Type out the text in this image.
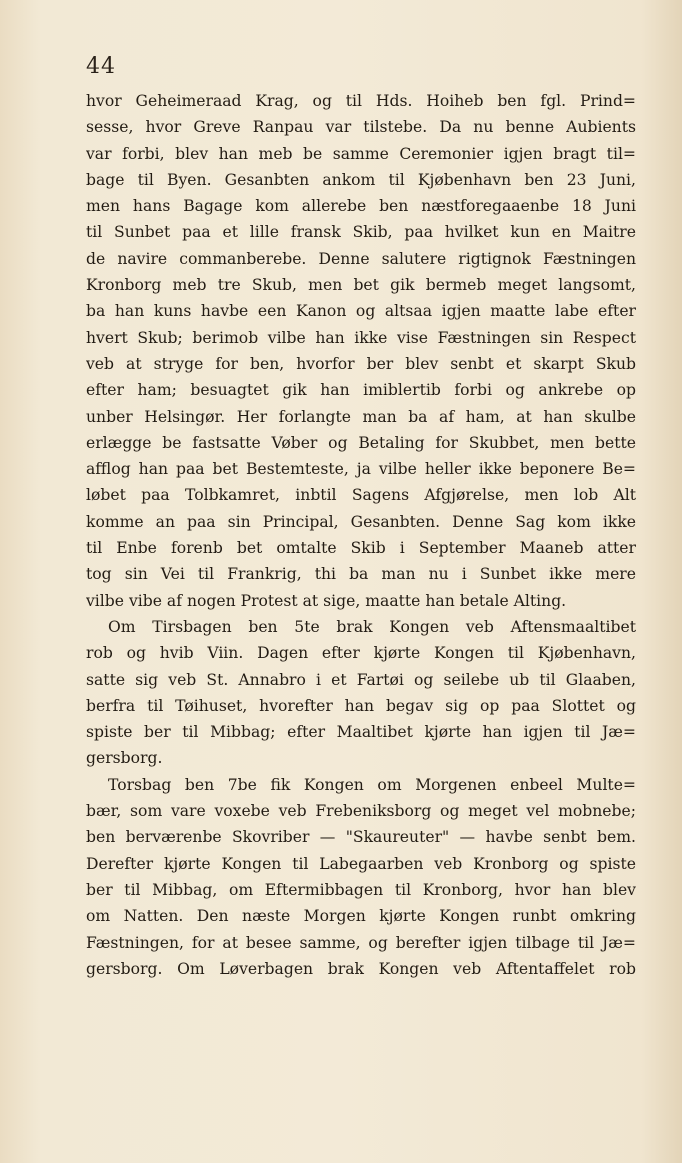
44
hvor Geheimeraad Krag, og til Hds. Hoiheb ben fgl. Prind=
sesse, hvor Greve Ranpau var tilstebe. Da nu benne Aubients
var forbi, blev han meb be samme Ceremonier igjen bragt til=
bage til Byen. Gesanbten ankom til Kjøbenhavn ben 23 Juni,
men hans Bagage kom allerebe ben næstforegaaenbe 18 Juni
til Sunbet paa et lille fransk Skib, paa hvilket kun en Maitre
de navire commanberebe. Denne salutere rigtignok Fæstningen
Kronborg meb tre Skub, men bet gik bermeb meget langsomt,
ba han kuns havbe een Kanon og altsaa igjen maatte labe efter
hvert Skub; berimob vilbe han ikke vise Fæstningen sin Respect
veb at stryge for ben, hvorfor ber blev senbt et skarpt Skub
efter ham; besuagtet gik han imiblertib forbi og ankrebe op
unber Helsingør. Her forlangte man ba af ham, at han skulbe
erlægge be fastsatte Vøber og Betaling for Skubbet, men bette
afflog han paa bet Bestemteste, ja vilbe heller ikke beponere Be=
løbet paa Tolbkamret, inbtil Sagens Afgjørelse, men lob Alt
komme an paa sin Principal, Gesanbten. Denne Sag kom ikke
til Enbe forenb bet omtalte Skib i September Maaneb atter
tog sin Vei til Frankrig, thi ba man nu i Sunbet ikke mere
vilbe vibe af nogen Protest at sige, maatte han betale Alting.
Om Tirsbagen ben 5te brak Kongen veb Aftensmaaltibet
rob og hvib Viin. Dagen efter kjørte Kongen til Kjøbenhavn,
satte sig veb St. Annabro i et Fartøi og seilebe ub til Glaaben,
berfra til Tøihuset, hvorefter han begav sig op paa Slottet og
spiste ber til Mibbag; efter Maaltibet kjørte han igjen til Jæ=
gersborg.
Torsbag ben 7be fik Kongen om Morgenen enbeel Multe=
bær, som vare voxebe veb Frebeniksborg og meget vel mobnebe;
ben berværenbe Skovriber — "Skaureuter" — havbe senbt bem.
Derefter kjørte Kongen til Labegaarben veb Kronborg og spiste
ber til Mibbag, om Eftermibbagen til Kronborg, hvor han blev
om Natten. Den næste Morgen kjørte Kongen runbt omkring
Fæstningen, for at besee samme, og berefter igjen tilbage til Jæ=
gersborg. Om Løverbagen brak Kongen veb Aftentaffelet rob
